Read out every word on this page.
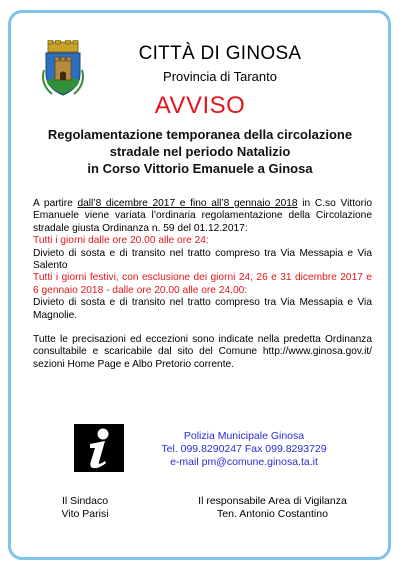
CITTÀ DI GINOSA
Provincia di Taranto
AVVISO
Regolamentazione temporanea della circolazione
stradale nel periodo Natalizio
in Corso Vittorio Emanuele a Ginosa

A partire dall’8 dicembre 2017 e fino all’8 gennaio 2018 in C.so Vittorio Emanuele viene variata l’ordinaria regolamentazione della Circolazione stradale giusta Ordinanza n. 59 del 01.12.2017:

Tutti i giorni dalle ore 20.00 alle ore 24:

Divieto di sosta e di transito nel tratto compreso tra Via Messapia e Via Salento

Tutti i giorni festivi, con esclusione dei giorni 24, 26 e 31 dicembre 2017 e 6 gennaio 2018 - dalle ore 20.00 alle ore 24.00:

Divieto di sosta e di transito nel tratto compreso tra Via Messapia e Via Magnolie.

Tutte le precisazioni ed eccezioni sono indicate nella predetta Ordinanza consultabile e scaricabile dal sito del Comune http://www.ginosa.gov.it/ sezioni Home Page e Albo Pretorio corrente.

Polizia Municipale Ginosa
Tel. 099.8290247 Fax 099.8293729
e-mail pm@comune.ginosa.ta.it
Il Sindaco
Vito Parisi
Il responsabile Area di Vigilanza
Ten. Antonio Costantino
